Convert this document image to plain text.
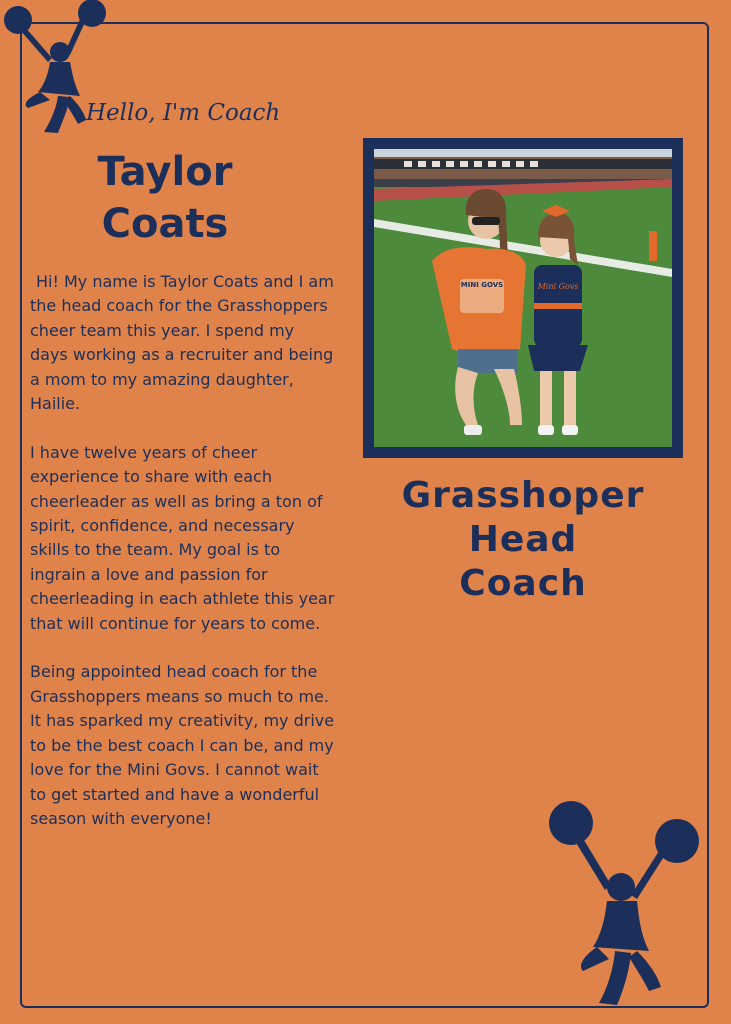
Hello, I'm Coach
Taylor
Coats

Hi! My name is Taylor Coats and I am the head coach for the Grasshoppers cheer team this year. I spend my days working as a recruiter and being a mom to my amazing daughter, Hailie.

I have twelve years of cheer experience to share with each cheerleader as well as bring a ton of spirit, confidence, and necessary skills to the team. My goal is to ingrain a love and passion for cheerleading in each athlete this year that will continue for years to come.

Being appointed head coach for the Grasshoppers means so much to me. It has sparked my creativity, my drive to be the best coach I can be, and my love for the Mini Govs. I cannot wait to get started and have a wonderful season with everyone!

MINI GOVS	Mini Govs
Grasshoper
Head
Coach
